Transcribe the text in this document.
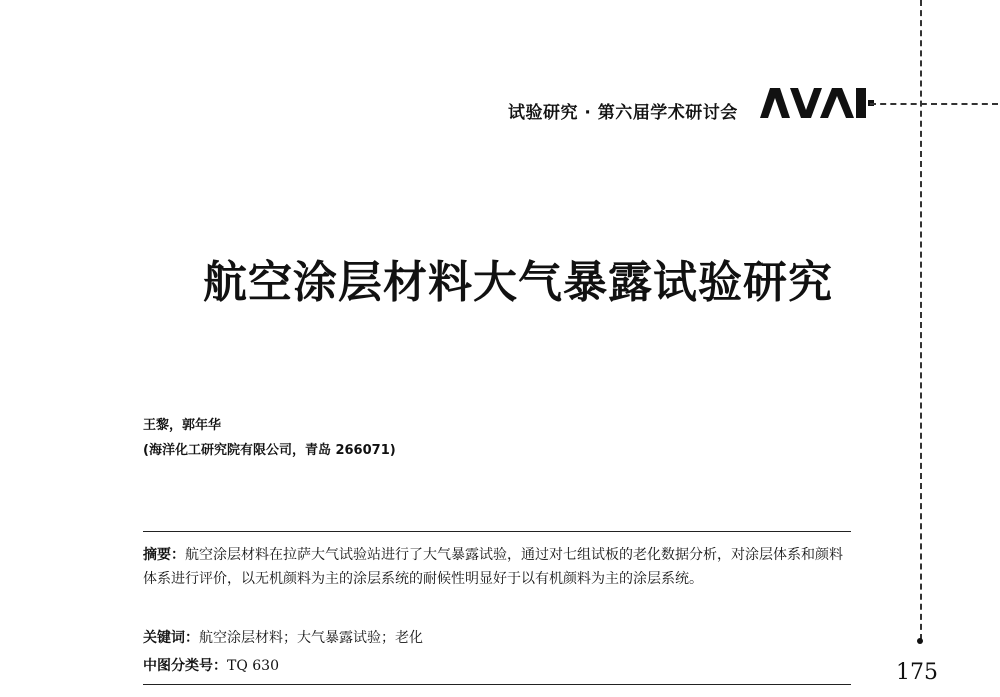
试验研究 · 第六届学术研讨会
航空涂层材料大气暴露试验研究
王黎，郭年华
(海洋化工研究院有限公司，青岛 266071)
摘要：航空涂层材料在拉萨大气试验站进行了大气暴露试验，通过对七组试板的老化数据分析，对涂层体系和颜料体系进行评价，以无机颜料为主的涂层系统的耐候性明显好于以有机颜料为主的涂层系统。
关键词：航空涂层材料；大气暴露试验；老化
中图分类号：TQ 630	175
